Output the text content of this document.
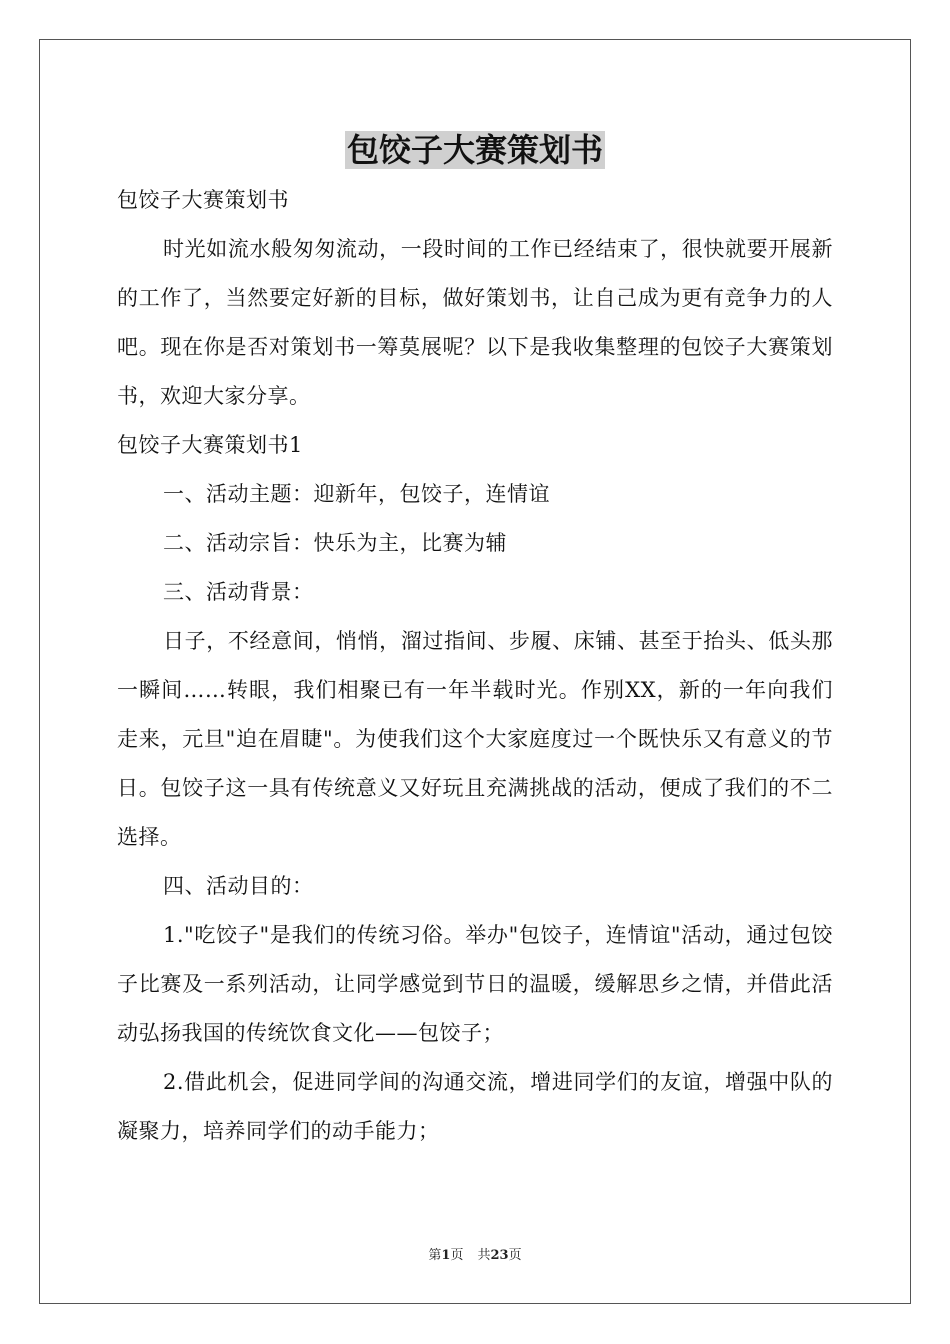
包饺子大赛策划书

包饺子大赛策划书

时光如流水般匆匆流动，一段时间的工作已经结束了，很快就要开展新的工作了，当然要定好新的目标，做好策划书，让自己成为更有竞争力的人吧。现在你是否对策划书一筹莫展呢？以下是我收集整理的包饺子大赛策划书，欢迎大家分享。

包饺子大赛策划书1

一、活动主题：迎新年，包饺子，连情谊

二、活动宗旨：快乐为主，比赛为辅

三、活动背景：

日子，不经意间，悄悄，溜过指间、步履、床铺、甚至于抬头、低头那一瞬间……转眼，我们相聚已有一年半载时光。作别XX，新的一年向我们走来，元旦"迫在眉睫"。为使我们这个大家庭度过一个既快乐又有意义的节日。包饺子这一具有传统意义又好玩且充满挑战的活动，便成了我们的不二选择。

四、活动目的：

1."吃饺子"是我们的传统习俗。举办"包饺子，连情谊"活动，通过包饺子比赛及一系列活动，让同学感觉到节日的温暖，缓解思乡之情，并借此活动弘扬我国的传统饮食文化——包饺子；

2.借此机会，促进同学间的沟通交流，增进同学们的友谊，增强中队的凝聚力，培养同学们的动手能力；

第1页 共23页
